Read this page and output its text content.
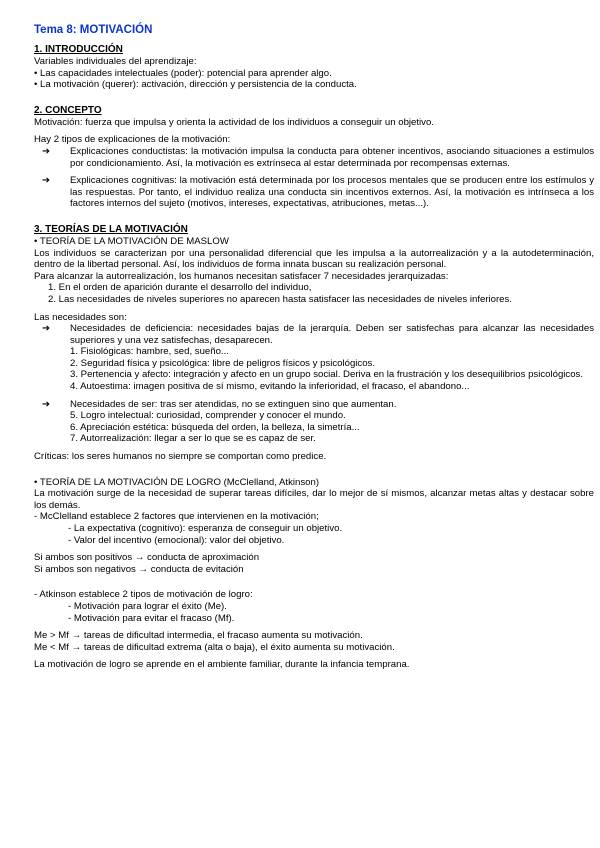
Tema 8: MOTIVACIÓN
1. INTRODUCCIÓN
Variables individuales del aprendizaje:
• Las capacidades intelectuales (poder): potencial para aprender algo.
• La motivación (querer): activación, dirección y persistencia de la conducta.
2. CONCEPTO
Motivación: fuerza que impulsa y orienta la actividad de los individuos a conseguir un objetivo.
Hay 2 tipos de explicaciones de la motivación:
➔	Explicaciones conductistas: la motivación impulsa la conducta para obtener incentivos, asociando situaciones a estímulos por condicionamiento. Así, la motivación es extrínseca al estar determinada por recompensas externas.

➔	Explicaciones cognitivas: la motivación está determinada por los procesos mentales que se producen entre los estímulos y las respuestas. Por tanto, el individuo realiza una conducta sin incentivos externos. Así, la motivación es intrínseca a los factores internos del sujeto (motivos, intereses, expectativas, atribuciones, metas...).

3. TEORÍAS DE LA MOTIVACIÓN
• TEORÍA DE LA MOTIVACIÓN DE MASLOW

Los individuos se caracterizan por una personalidad diferencial que les impulsa a la autorrealización y a la autodeterminación, dentro de la libertad personal. Así, los individuos de forma innata buscan su realización personal.

Para alcanzar la autorrealización, los humanos necesitan satisfacer 7 necesidades jerarquizadas:
1. En el orden de aparición durante el desarrollo del individuo,
2. Las necesidades de niveles superiores no aparecen hasta satisfacer las necesidades de niveles inferiores.
Las necesidades son:
➔	Necesidades de deficiencia: necesidades bajas de la jerarquía. Deben ser satisfechas para alcanzar las necesidades superiores y una vez satisfechas, desaparecen.

1. Fisiológicas: hambre, sed, sueño...
2. Seguridad física y psicológica: libre de peligros físicos y psicológicos.

3. Pertenencia y afecto: integración y afecto en un grupo social. Deriva en la frustración y los desequilibrios psicológicos.

4. Autoestima: imagen positiva de sí mismo, evitando la inferioridad, el fracaso, el abandono...
➔	Necesidades de ser: tras ser atendidas, no se extinguen sino que aumentan.

5. Logro intelectual: curiosidad, comprender y conocer el mundo.
6. Apreciación estética: búsqueda del orden, la belleza, la simetría...
7. Autorrealización: llegar a ser lo que se es capaz de ser.
Críticas: los seres humanos no siempre se comportan como predice.
• TEORÍA DE LA MOTIVACIÓN DE LOGRO (McClelland, Atkinson)

La motivación surge de la necesidad de superar tareas difíciles, dar lo mejor de sí mismos, alcanzar metas altas y destacar sobre los demás.

- McClelland establece 2 factores que intervienen en la motivación;
- La expectativa (cognitivo): esperanza de conseguir un objetivo.
- Valor del incentivo (emocional): valor del objetivo.
Si ambos son positivos → conducta de aproximación
Si ambos son negativos → conducta de evitación
- Atkinson establece 2 tipos de motivación de logro:
- Motivación para lograr el éxito (Me).
- Motivación para evitar el fracaso (Mf).
Me > Mf → tareas de dificultad intermedia, el fracaso aumenta su motivación.
Me < Mf → tareas de dificultad extrema (alta o baja), el éxito aumenta su motivación.
La motivación de logro se aprende en el ambiente familiar, durante la infancia temprana.
